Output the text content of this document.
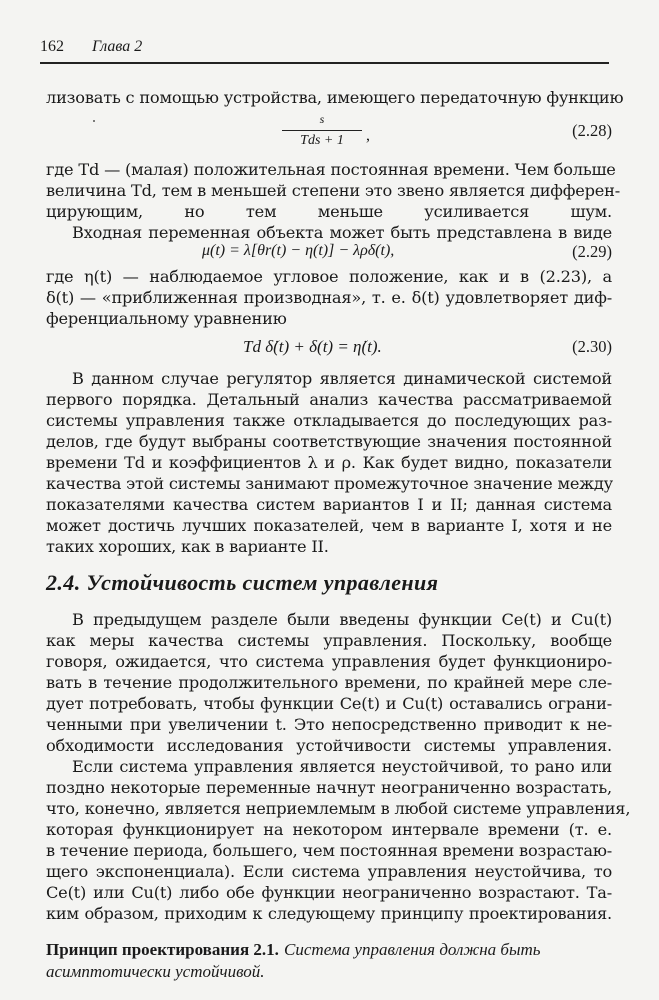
162 Глава 2
лизовать с помощью устройства, имеющего передаточную функцию
s
Tds + 1	,	(2.28)
где Td — (малая) положительная постоянная времени. Чем больше
величина Td, тем в меньшей степени это звено является дифферен-
цирующим, но тем меньше усиливается шум.
Входная переменная объекта может быть представлена в виде
μ(t) = λ[θr(t) − η(t)] − λρδ(t),	(2.29)
где η(t) — наблюдаемое угловое положение, как и в (2.23), а
δ(t) — «приближенная производная», т. е. δ(t) удовлетворяет диф-
ференциальному уравнению
Td δ̇(t) + δ(t) = η̇(t).	(2.30)
В данном случае регулятор является динамической системой
первого порядка. Детальный анализ качества рассматриваемой
системы управления также откладывается до последующих раз-
делов, где будут выбраны соответствующие значения постоянной
времени Td и коэффициентов λ и ρ. Как будет видно, показатели
качества этой системы занимают промежуточное значение между
показателями качества систем вариантов I и II; данная система
может достичь лучших показателей, чем в варианте I, хотя и не
таких хороших, как в варианте II.
2.4. Устойчивость систем управления
В предыдущем разделе были введены функции Ce(t) и Cu(t)
как меры качества системы управления. Поскольку, вообще
говоря, ожидается, что система управления будет функциониро-
вать в течение продолжительного времени, по крайней мере сле-
дует потребовать, чтобы функции Ce(t) и Cu(t) оставались ограни-
ченными при увеличении t. Это непосредственно приводит к не-
обходимости исследования устойчивости системы управления.
Если система управления является неустойчивой, то рано или
поздно некоторые переменные начнут неограниченно возрастать,
что, конечно, является неприемлемым в любой системе управления,
которая функционирует на некотором интервале времени (т. е.
в течение периода, большего, чем постоянная времени возрастаю-
щего экспоненциала). Если система управления неустойчива, то
Ce(t) или Cu(t) либо обе функции неограниченно возрастают. Та-
ким образом, приходим к следующему принципу проектирования.
Принцип проектирования 2.1. Система управления должна быть
асимптотически устойчивой.
